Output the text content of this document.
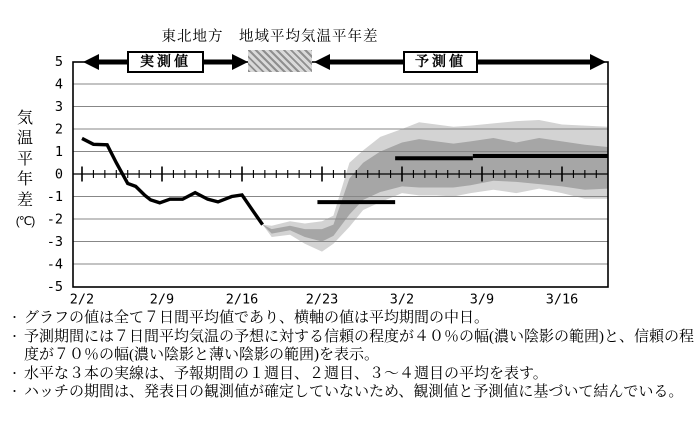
東北地方　地域平均気温平年差
2/2	2/9	2/16	2/23	3/2	3/9	3/16
5
4
3
2
1
0
-1
-2
-3
-4
-5
実測値	予測値
気
温
平
年
差
(℃)
・ グラフの値は全て７日間平均値であり、横軸の値は平均期間の中日。
・ 予測期間には７日間平均気温の予想に対する信頼の程度が４０％の幅(濃い陰影の範囲)と、信頼の程度が７０％の幅(濃い陰影と薄い陰影の範囲)を表示。
・ 水平な３本の実線は、予報期間の１週目、２週目、３～４週目の平均を表す。
・ ハッチの期間は、発表日の観測値が確定していないため、観測値と予測値に基づいて結んでいる。
